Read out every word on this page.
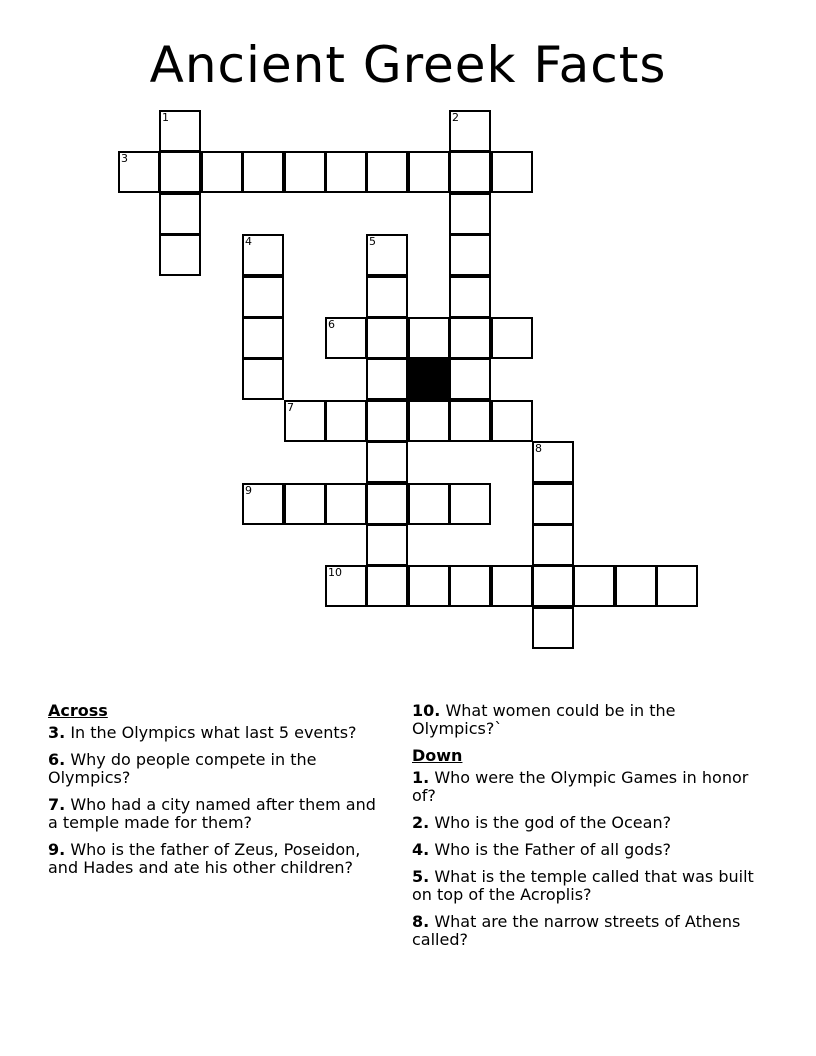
Ancient Greek Facts
1	2
3
4	5
6
7
8
9
10
Across
3. In the Olympics what last 5 events?
6. Why do people compete in the Olympics?
7. Who had a city named after them and a temple made for them?
9. Who is the father of Zeus, Poseidon, and Hades and ate his other children?
10. What women could be in the Olympics?`
Down
1. Who were the Olympic Games in honor of?
2. Who is the god of the Ocean?
4. Who is the Father of all gods?
5. What is the temple called that was built on top of the Acroplis?
8. What are the narrow streets of Athens called?
